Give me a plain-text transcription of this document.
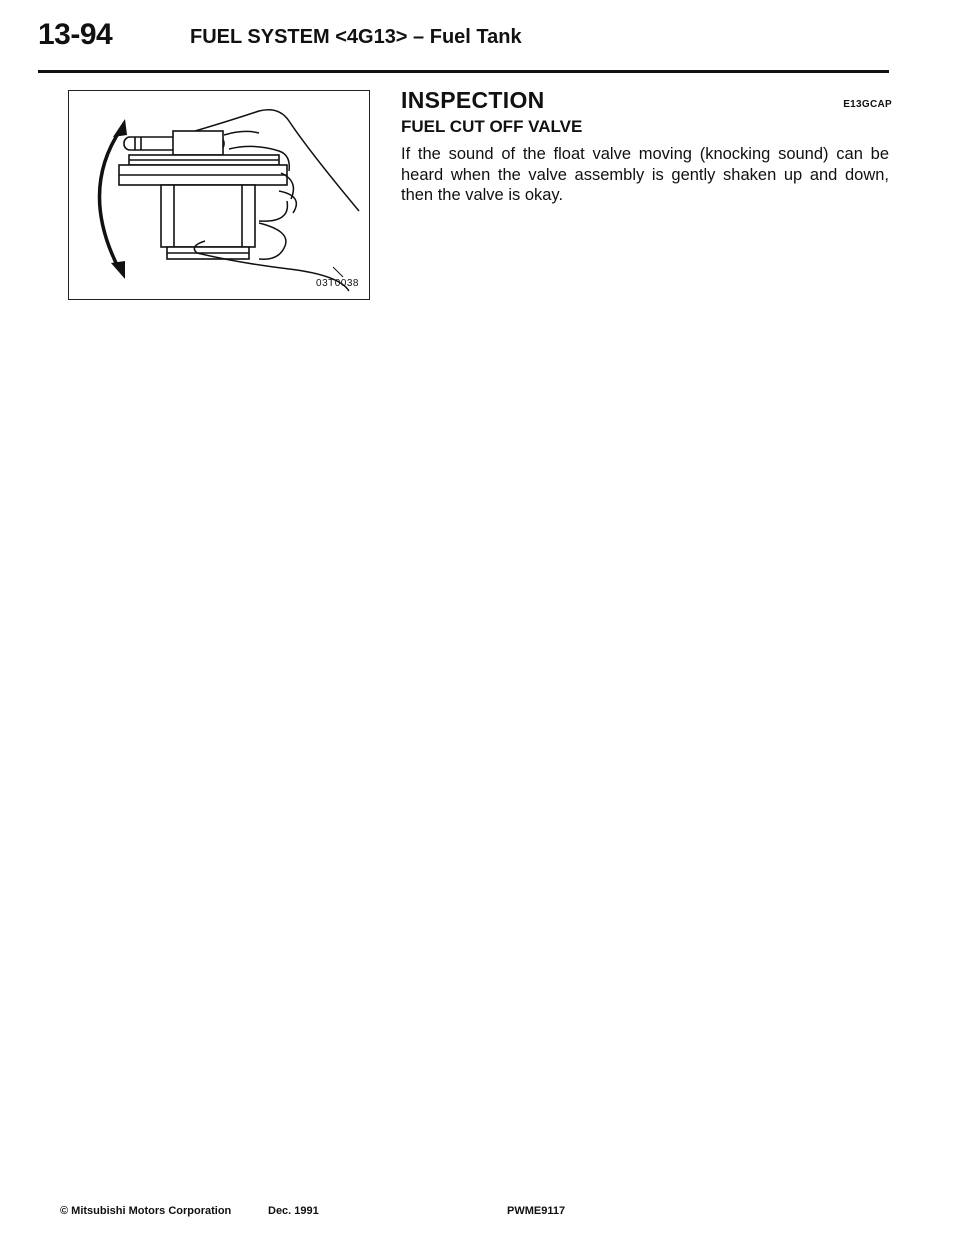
13-94	FUEL SYSTEM <4G13> – Fuel Tank
03T0038
INSPECTION	E13GCAP
FUEL CUT OFF VALVE

If the sound of the float valve moving (knocking sound) can be heard when the valve assembly is gently shaken up and down, then the valve is okay.

© Mitsubishi Motors Corporation	Dec. 1991	PWME9117
